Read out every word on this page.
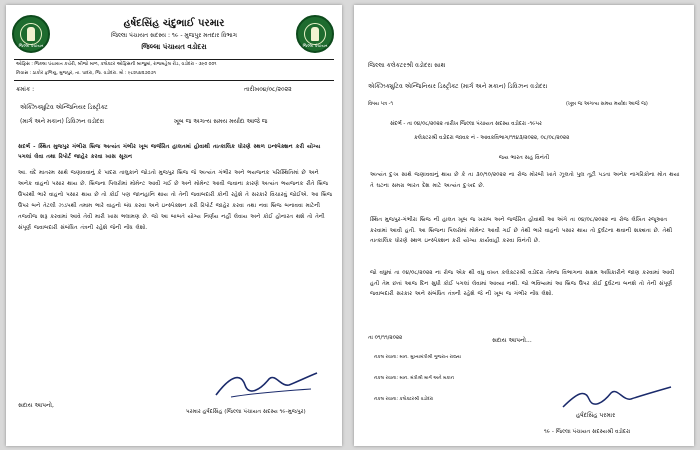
જિલ્લા પંચાયત	જિલ્લા પંચાયત
હર્ષદસિંહ ચંદુભાઈ પરમાર
જિલ્લા પંચાયત સદસ્ય : ૧૯ - મુજપુર મતદાર વિભાગ
જિલ્લા પંચાયત વડોદરા
ઓફિસ : જિલ્લા પંચાયત કચેરી, બીજો માળ, કલેક્ટર ઓફિસની બાજુમાં, રાજમહેલ રોડ, વડોદરા - ૩૯૦ ૦૦૧
નિવાસ : ઠાકોર ફળિયુ, મુજપુર, તા. પાદરા, જિ. વડોદરા. મો : ૯૮૨૫૪૨૭૦૭૧
ક્રમાંક :	તારીખ૦૪/૦૮/૨૦૨૨
એક્ઝિક્યુટિવ એન્જિનિયર ડિસ્ટ્રીક્ટ
(માર્ગ અને મકાન) ડિવિઝન વડોદરા	ખૂબ જ અગત્ય સમય મર્યાદા આજે જ
સદર્ભ - સ્થિત મુજપુર ગંભીરા બ્રિજ અત્યંત ગંભીર ખૂબ જર્જરિત હાલતમાં હોવાથી તાત્કાલિક ધોરણે સ્થળ ઇન્સ્પેક્શન કરી યોગ્ય પગલાં લેવા તથા રિપોર્ટ જાહેર કરવા ખાસ સૂચન
આ. વંદે માતરમ સાથે જણાવવાનું કે પાદરા તાલુકાને જોડતો મુજપુર બ્રિજ જે અત્યંત ગંભીર અને ભયજનક પરિસ્થિતિમાં છે અને અનેક વાહનો પસાર થાય છે. બ્રિજના પિલરોમાં મોમેન્ટ આવી ગઈ છે અને મોમેન્ટ આવી જવાના કારણે અત્યંત ભયજનક રીતે બ્રિજ ઉપરથી ભારે વાહનો પસાર થાય છે તો કોઈ પણ જાનહાનિ થાય તો તેની જવાબદારી કોની રહેશે તે સરકારે વિચારવું જોઈએ. આ બ્રિજ ઉપર બને તેટલી ઝડપથી તમામ ભારે વાહનો બંધ કરવા અને ઇન્સ્પેક્શન કરી રિપોર્ટ જાહેર કરવા તથા નવા બ્રિજ બનાવવા માટેની તજવીજ શરૂ કરવામાં આવે તેવી મારી ખાસ ભલામણ છે. જો આ બાબતે યોગ્ય નિર્ણય નહીં લેવાય અને કોઈ હોનારત થશે તો તેની સંપૂર્ણ જવાબદારી સંબંધિત તંત્રની રહેશે જેની નોંધ લેશો.
સદાય આપનો,
પરમાર હર્ષદસિંહ (જિલ્લા પંચાયત સદસ્ય ૧૯-મુજપુર)
જિલ્લા કલેક્ટરશ્રી વડોદરા સાથ
એક્ઝિક્યુટિવ એન્જિનિયર ડિસ્ટ્રીક્ટ (માર્ગ અને મકાન) ડિવિઝન વડોદરા
વિષય પત્ર -૧	(ખૂબ જ અગત્ય સમય મર્યાદા આજે જ)
સંદર્ભ - તા ૦૪/૦૮/૨૦૨૨ તારીખ જિલ્લા પંચાયત સદસ્ય વડોદરા -૧૯પર
કલેક્ટરશ્રી વડોદરા જાવક નં - આવકવિભાગ/૧૧૪૩/૨૦૨૨, ૦૮/૦૮/૨૦૨૨
જય ભારત સહ વિનંતી
અત્યંત દુઃખ સાથે જણાવવાનું થાય છે કે તા ૩૦/૧૦/૨૦૨૨ ના રોજ મોરબી ખાતે ઝૂલતો પુલ તૂટી પડતા અનેક નાગરિકોના મોત થયા તે ઘટના સમગ્ર ભારત દેશ માટે અત્યંત દુઃખદ છે.
સ્થિત મુજપુર-ગંભીરા બ્રિજ ની હાલત ખૂબ જ ખરાબ અને જર્જરિત હોવાથી આ અંગે તા ૦૪/૦૮/૨૦૨૨ ના રોજ લેખિત રજૂઆત કરવામાં આવી હતી. આ બ્રિજના પિલરોમાં મોમેન્ટ આવી ગઈ છે તેથી ભારે વાહનો પસાર થાય તો દુર્ઘટના થવાની શક્યતા છે. તેથી તાત્કાલિક ધોરણે સ્થળ ઇન્સ્પેક્શન કરી યોગ્ય કાર્યવાહી કરવા વિનંતી છે.
જો વધુમાં તા ૦૪/૦૮/૨૦૨૨ ના રોજ એક થી વધુ વખત કલેક્ટરશ્રી વડોદરા તેમજ વિભાગના સક્ષમ અધિકારીને જાણ કરવામાં આવી હતી તેમ છતાં આજ દિન સુધી કોઈ પગલાં લેવામાં આવ્યા નથી. જો ભવિષ્યમાં આ બ્રિજ ઉપર કોઈ દુર્ઘટના બનશે તો તેની સંપૂર્ણ જવાબદારી સરકાર અને સંબંધિત તંત્રની રહેશે જે ની ખૂબ જ ગંભીર નોંધ લેશો.
તા ૦૧/૧૧/૨૦૨૨	સદાય આપનો...
નકલ રવાના: માન. મુખ્યમંત્રીશ્રી ગુજરાત રાજ્ય
નકલ રવાના: માન. મંત્રીશ્રી માર્ગ અને મકાન
નકલ રવાના: કલેક્ટરશ્રી વડોદરા
હર્ષદસિંહ પરમાર
૧૯ - જિલ્લા પંચાયત સદસ્યશ્રી વડોદરા
